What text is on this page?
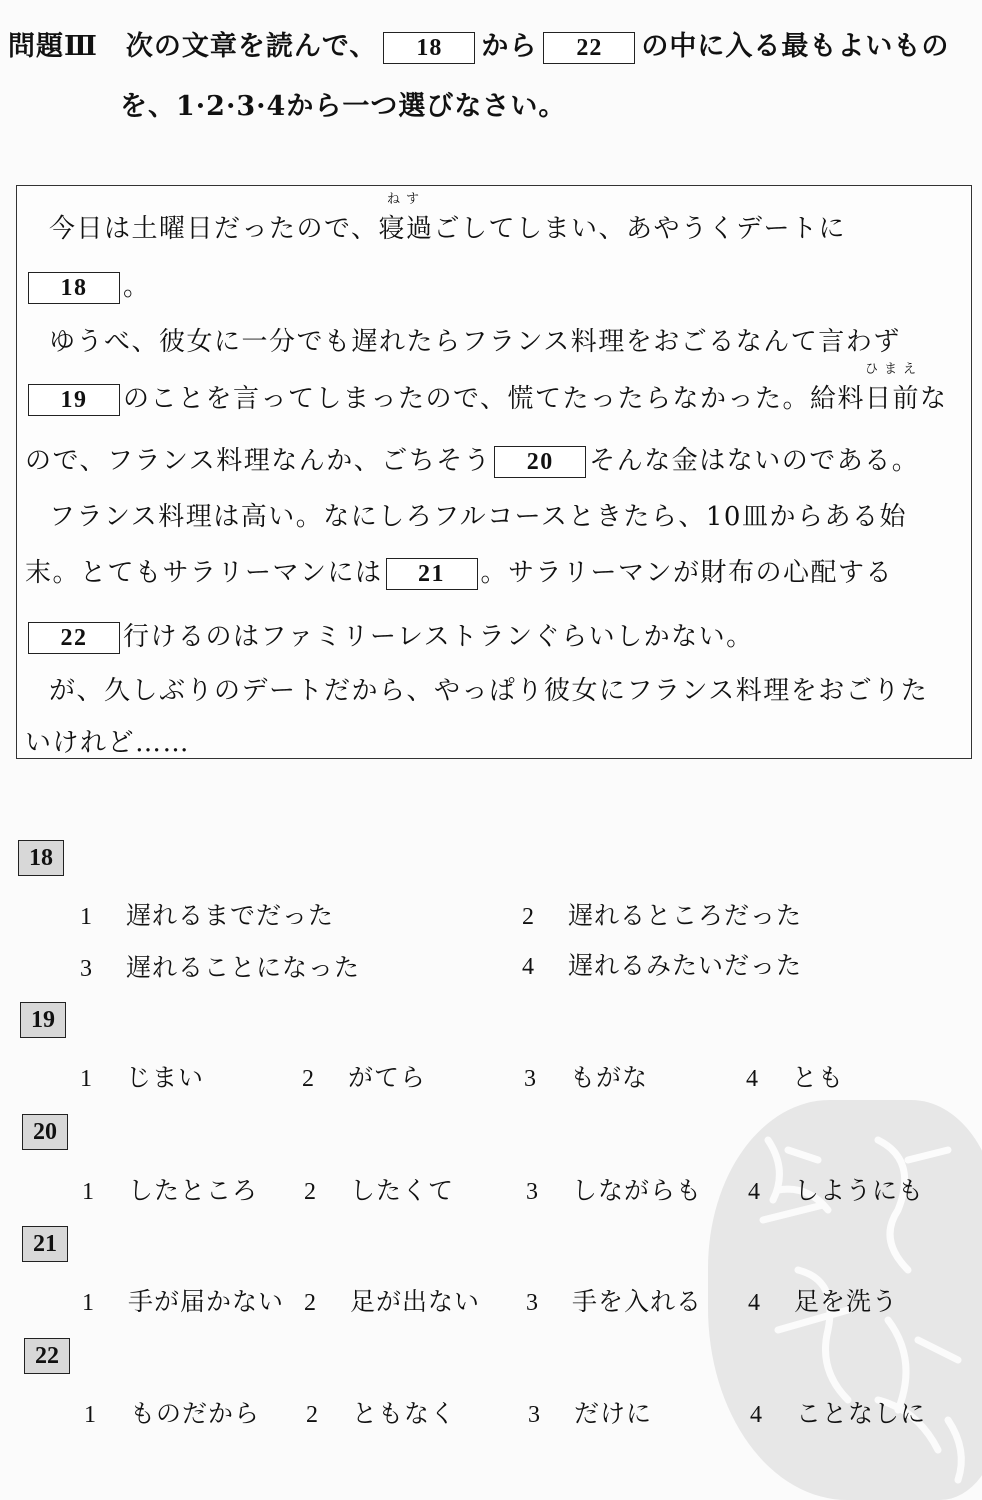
問題Ⅲ　次の文章を読んで、 18 から 22 の中に入る最もよいもの
を、1·2·3·4から一つ選びなさい。
今日は土曜日だったので、
ねす
寝過ごしてしまい、あやうくデートに
18 。
ゆうべ、彼女に一分でも遅れたらフランス料理をおごるなんて言わず
19 のことを言ってしまったので、慌てたったらなかった。給料
ひまえ
日前な
ので、フランス料理なんか、ごちそう 20 そんな金はないのである。
フランス料理は高い。なにしろフルコースときたら、10皿からある始
末。とてもサラリーマンには 21 。サラリーマンが財布の心配する
22 行けるのはファミリーレストランぐらいしかない。
が、久しぶりのデートだから、やっぱり彼女にフランス料理をおごりた
いけれど……
18
1 遅れるまでだった	2 遅れるところだった
3 遅れることになった	4 遅れるみたいだった
19
1 じまい	2 がてら	3 もがな	4 とも
20
1 したところ 2 したくて	3 しながらも 4 しようにも
21
1 手が届かない 2 足が出ない 3 手を入れる 4 足を洗う
22
1 ものだから 2 ともなく	3 だけに	4 ことなしに
